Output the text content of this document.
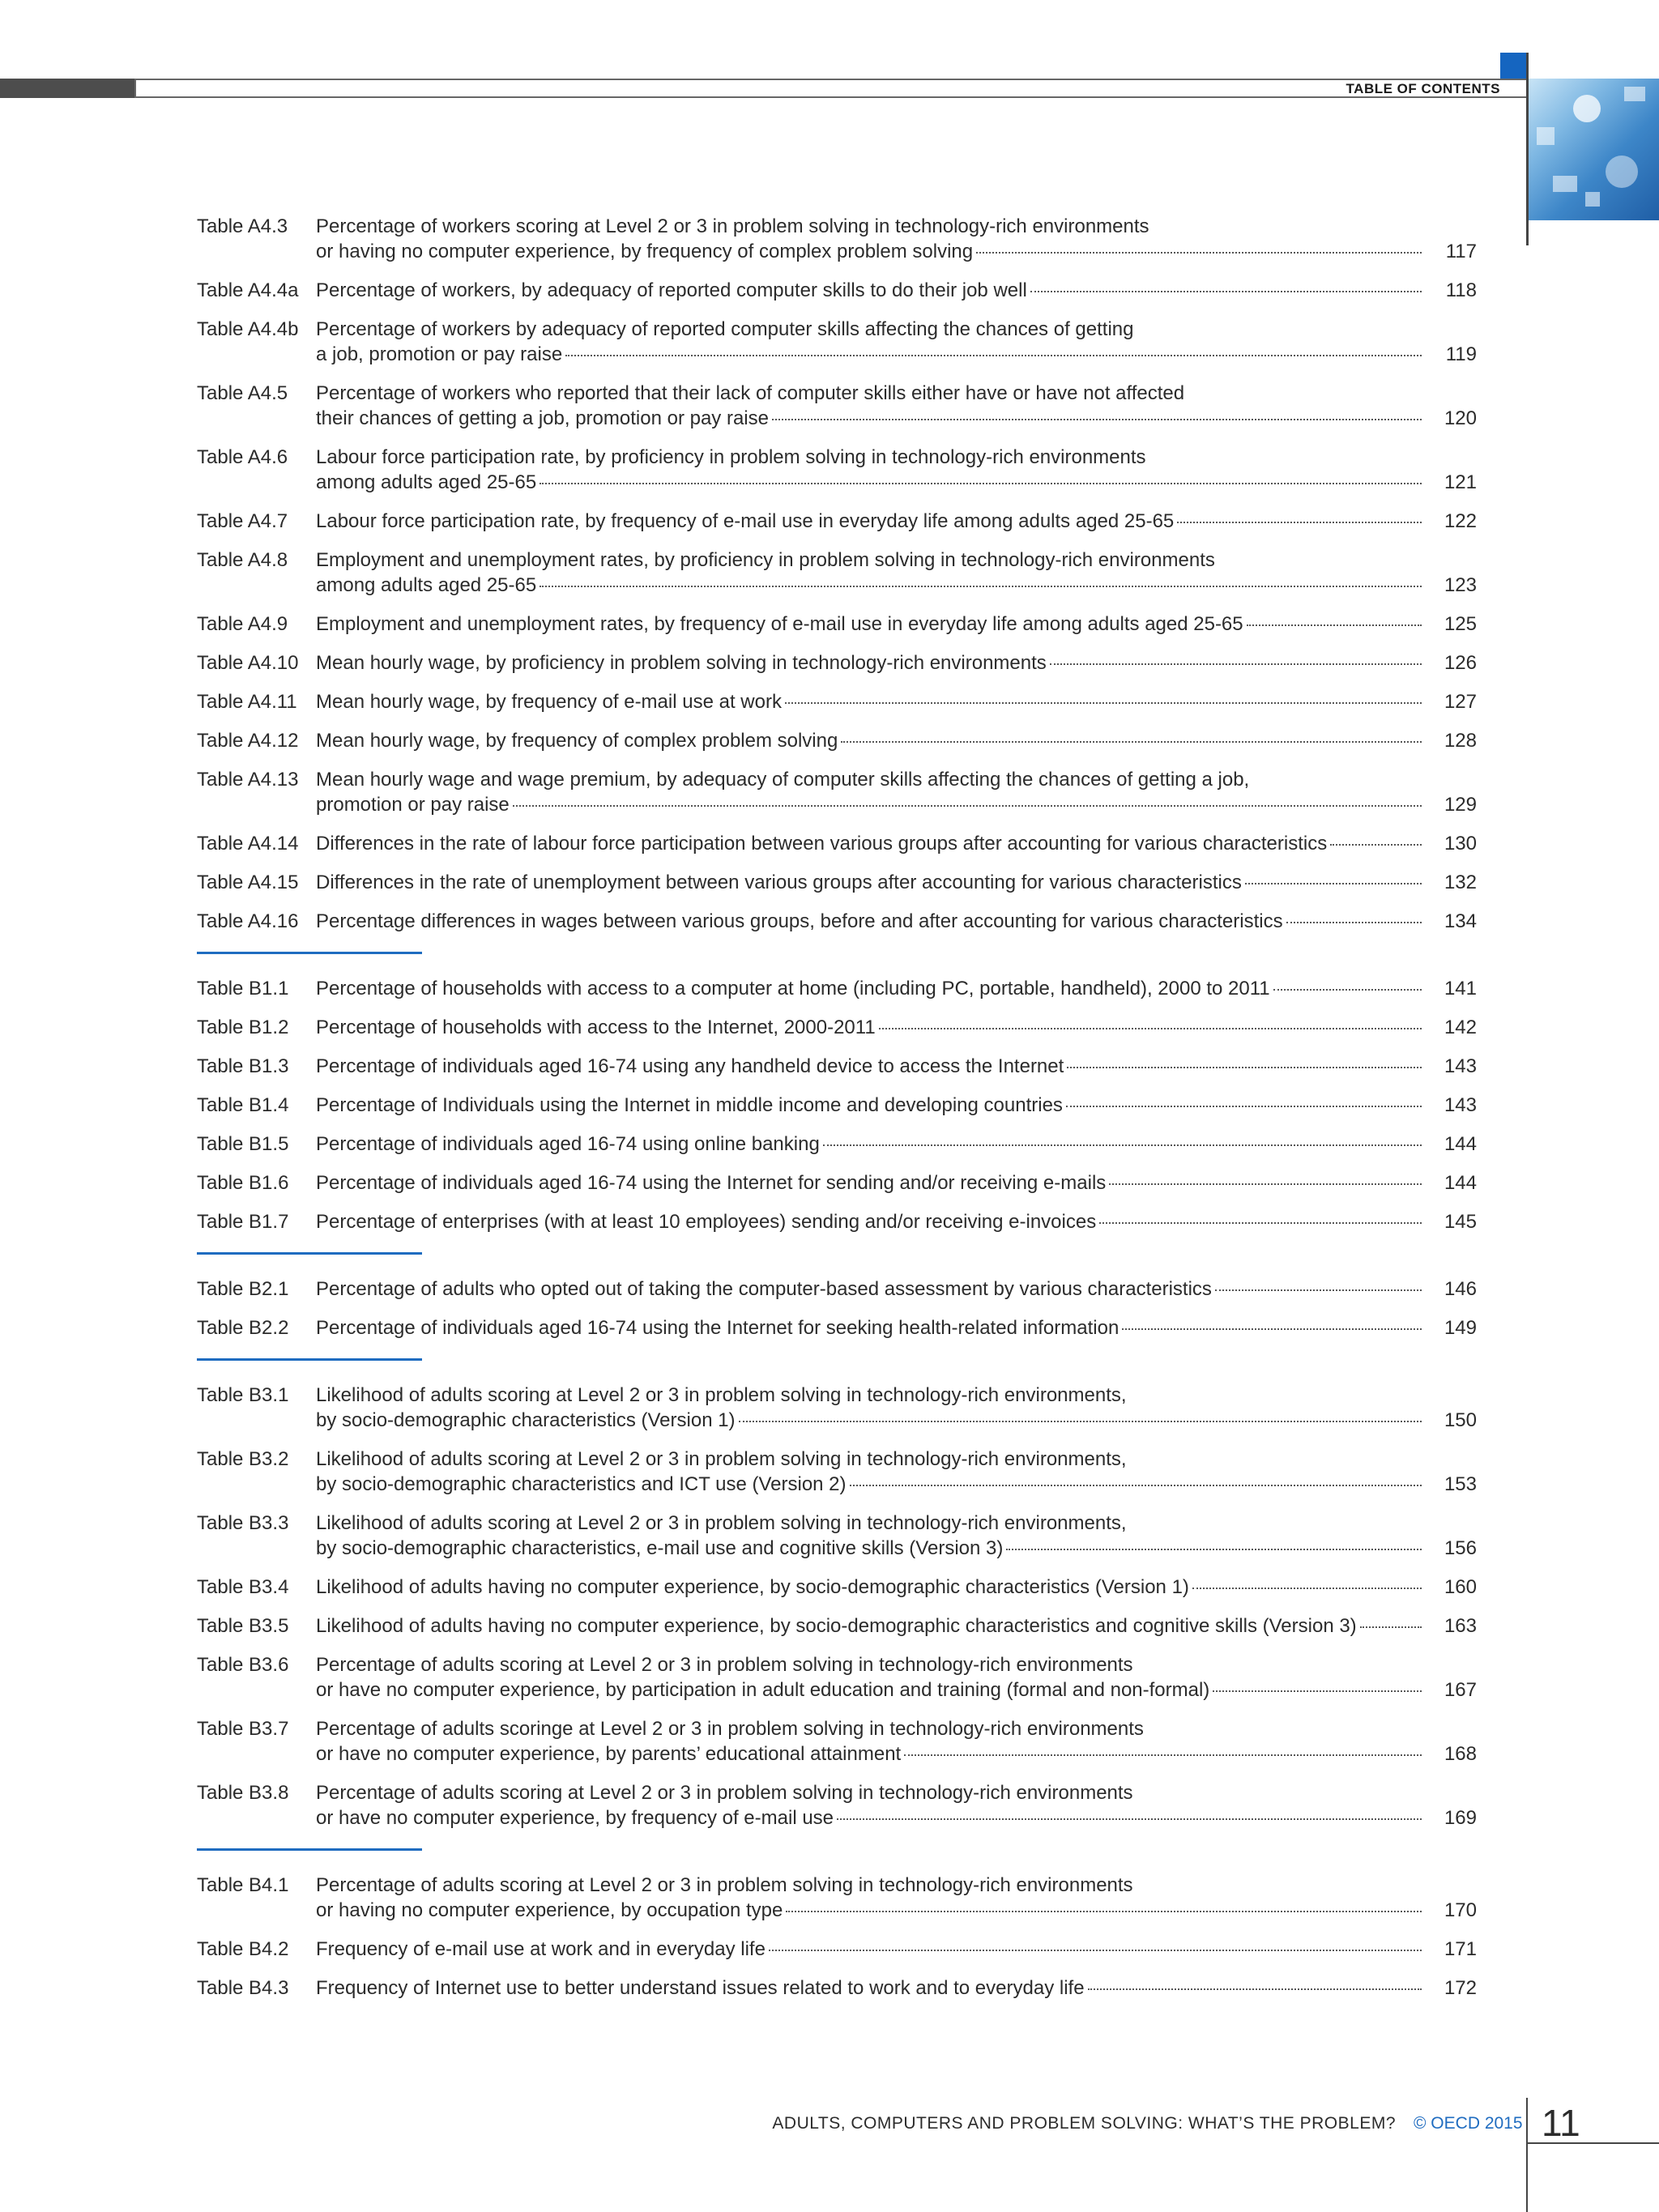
TABLE OF CONTENTS
Table A4.3	Percentage of workers scoring at Level 2 or 3 in problem solving in technology-rich environments
or having no computer experience, by frequency of complex problem solving	117
Table A4.4a Percentage of workers, by adequacy of reported computer skills to do their job well	118
Table A4.4b Percentage of workers by adequacy of reported computer skills affecting the chances of getting
a job, promotion or pay raise	119
Table A4.5	Percentage of workers who reported that their lack of computer skills either have or have not affected
their chances of getting a job, promotion or pay raise	120
Table A4.6	Labour force participation rate, by proficiency in problem solving in technology-rich environments
among adults aged 25-65	121
Table A4.7	Labour force participation rate, by frequency of e-mail use in everyday life among adults aged 25-65	122
Table A4.8	Employment and unemployment rates, by proficiency in problem solving in technology-rich environments
among adults aged 25-65	123
Table A4.9	Employment and unemployment rates, by frequency of e-mail use in everyday life among adults aged 25-65	125
Table A4.10 Mean hourly wage, by proficiency in problem solving in technology-rich environments	126
Table A4.11 Mean hourly wage, by frequency of e-mail use at work	127
Table A4.12 Mean hourly wage, by frequency of complex problem solving	128
Table A4.13 Mean hourly wage and wage premium, by adequacy of computer skills affecting the chances of getting a job,
promotion or pay raise	129
Table A4.14 Differences in the rate of labour force participation between various groups after accounting for various characteristics	130
Table A4.15 Differences in the rate of unemployment between various groups after accounting for various characteristics	132
Table A4.16 Percentage differences in wages between various groups, before and after accounting for various characteristics	134
Table B1.1	Percentage of households with access to a computer at home (including PC, portable, handheld), 2000 to 2011	141
Table B1.2	Percentage of households with access to the Internet, 2000-2011	142
Table B1.3	Percentage of individuals aged 16-74 using any handheld device to access the Internet	143
Table B1.4	Percentage of Individuals using the Internet in middle income and developing countries	143
Table B1.5	Percentage of individuals aged 16-74 using online banking	144
Table B1.6	Percentage of individuals aged 16-74 using the Internet for sending and/or receiving e-mails	144
Table B1.7	Percentage of enterprises (with at least 10 employees) sending and/or receiving e-invoices	145
Table B2.1	Percentage of adults who opted out of taking the computer-based assessment by various characteristics	146
Table B2.2	Percentage of individuals aged 16-74 using the Internet for seeking health-related information	149
Table B3.1	Likelihood of adults scoring at Level 2 or 3 in problem solving in technology-rich environments,
by socio-demographic characteristics (Version 1)	150
Table B3.2	Likelihood of adults scoring at Level 2 or 3 in problem solving in technology-rich environments,
by socio-demographic characteristics and ICT use (Version 2)	153
Table B3.3	Likelihood of adults scoring at Level 2 or 3 in problem solving in technology-rich environments,
by socio-demographic characteristics, e-mail use and cognitive skills (Version 3)	156
Table B3.4	Likelihood of adults having no computer experience, by socio-demographic characteristics (Version 1)	160
Table B3.5	Likelihood of adults having no computer experience, by socio-demographic characteristics and cognitive skills (Version 3)	163
Table B3.6	Percentage of adults scoring at Level 2 or 3 in problem solving in technology-rich environments
or have no computer experience, by participation in adult education and training (formal and non-formal)	167
Table B3.7	Percentage of adults scoringe at Level 2 or 3 in problem solving in technology-rich environments
or have no computer experience, by parents’ educational attainment	168
Table B3.8	Percentage of adults scoring at Level 2 or 3 in problem solving in technology-rich environments
or have no computer experience, by frequency of e-mail use	169
Table B4.1	Percentage of adults scoring at Level 2 or 3 in problem solving in technology-rich environments
or having no computer experience, by occupation type	170
Table B4.2	Frequency of e-mail use at work and in everyday life	171
Table B4.3	Frequency of Internet use to better understand issues related to work and to everyday life	172
ADULTS, COMPUTERS AND PROBLEM SOLVING: WHAT’S THE PROBLEM? © OECD 2015 11
